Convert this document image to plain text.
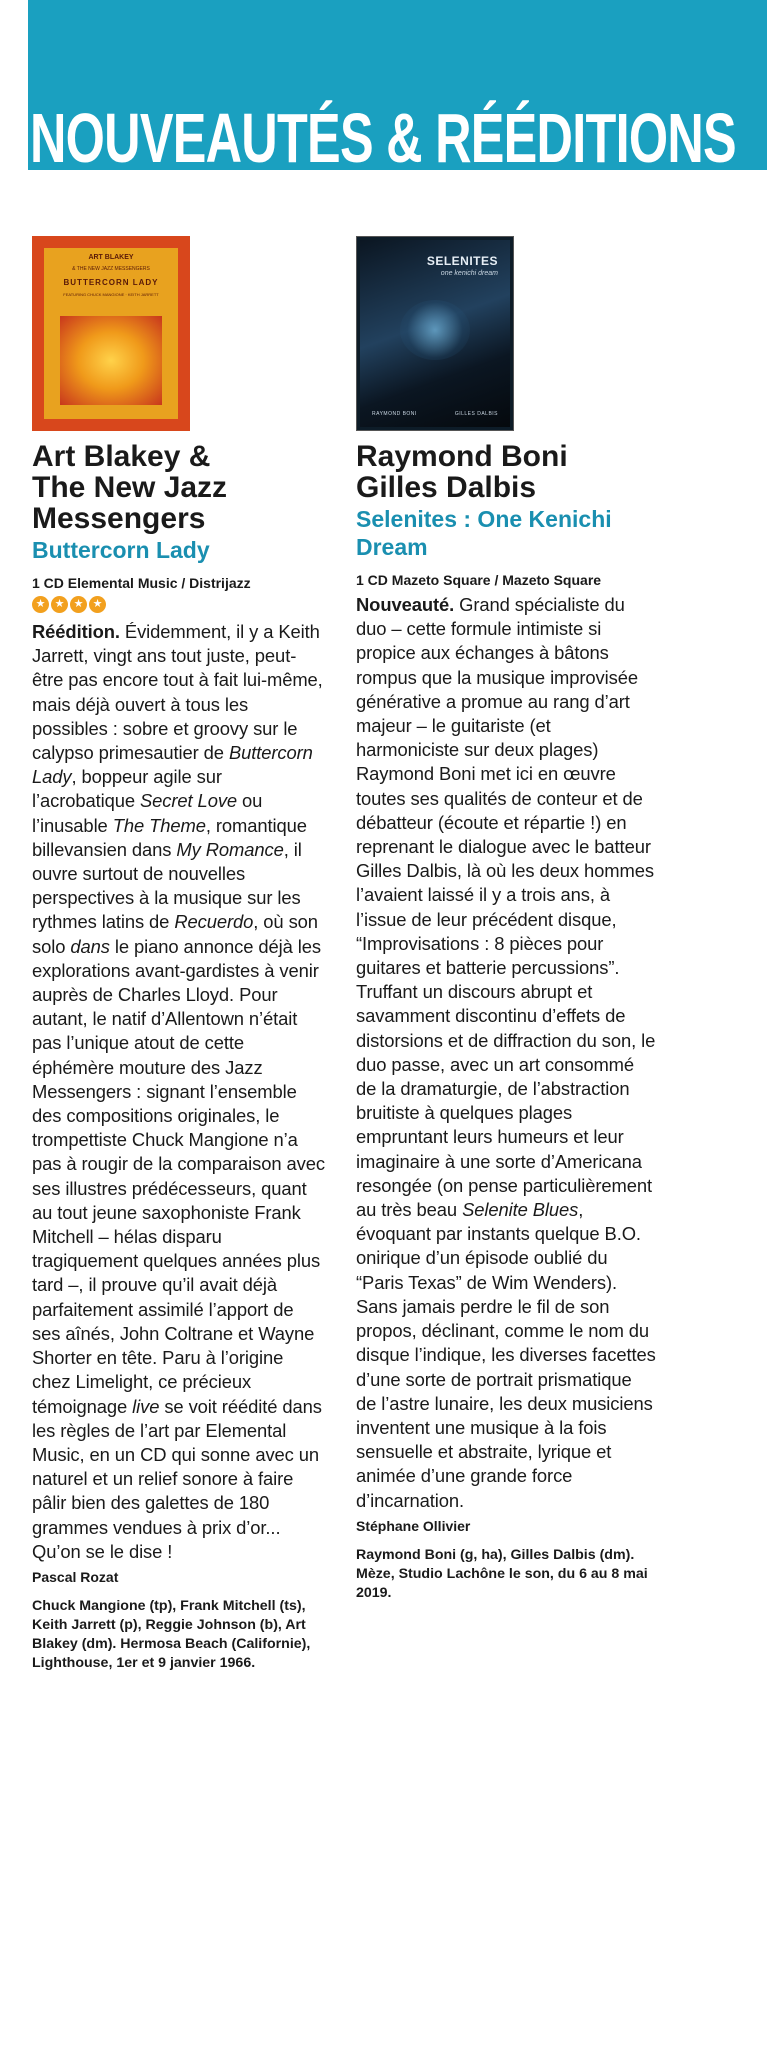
NOUVEAUTÉS & RÉÉDITIONS
ART BLAKEY
& THE NEW JAZZ MESSENGERS
BUTTERCORN LADY
FEATURING CHUCK MANGIONE · KEITH JARRETT
Art Blakey &
The New Jazz
Messengers
Buttercorn Lady
1 CD Elemental Music / Distrijazz
★ ★ ★ ★

Réédition. Évidemment, il y a Keith Jarrett, vingt ans tout juste, peut-être pas encore tout à fait lui-même, mais déjà ouvert à tous les possibles : sobre et groovy sur le calypso primesautier de Buttercorn Lady, boppeur agile sur l’acrobatique Secret Love ou l’inusable The Theme, romantique billevansien dans My Romance, il ouvre surtout de nouvelles perspectives à la musique sur les rythmes latins de Recuerdo, où son solo dans le piano annonce déjà les explorations avant-gardistes à venir auprès de Charles Lloyd. Pour autant, le natif d’Allentown n’était pas l’unique atout de cette éphémère mouture des Jazz Messengers : signant l’ensemble des compositions originales, le trompettiste Chuck Mangione n’a pas à rougir de la comparaison avec ses illustres prédécesseurs, quant au tout jeune saxophoniste Frank Mitchell – hélas disparu tragiquement quelques années plus tard –, il prouve qu’il avait déjà parfaitement assimilé l’apport de ses aînés, John Coltrane et Wayne Shorter en tête. Paru à l’origine chez Limelight, ce précieux témoignage live se voit réédité dans les règles de l’art par Elemental Music, en un CD qui sonne avec un naturel et un relief sonore à faire pâlir bien des galettes de 180 grammes vendues à prix d’or... Qu’on se le dise !

Pascal Rozat
Chuck Mangione (tp), Frank Mitchell (ts), Keith Jarrett (p), Reggie Johnson (b), Art Blakey (dm). Hermosa Beach (Californie), Lighthouse, 1er et 9 janvier 1966.
SELENITES
one kenichi dream
RAYMOND BONI	GILLES DALBIS
Raymond Boni
Gilles Dalbis
Selenites : One Kenichi Dream
1 CD Mazeto Square / Mazeto Square

Nouveauté. Grand spécialiste du duo – cette formule intimiste si propice aux échanges à bâtons rompus que la musique improvisée générative a promue au rang d’art majeur – le guitariste (et harmoniciste sur deux plages) Raymond Boni met ici en œuvre toutes ses qualités de conteur et de débatteur (écoute et répartie !) en reprenant le dialogue avec le batteur Gilles Dalbis, là où les deux hommes l’avaient laissé il y a trois ans, à l’issue de leur précédent disque, “Improvisations : 8 pièces pour guitares et batterie percussions”. Truffant un discours abrupt et savamment discontinu d’effets de distorsions et de diffraction du son, le duo passe, avec un art consommé de la dramaturgie, de l’abstraction bruitiste à quelques plages empruntant leurs humeurs et leur imaginaire à une sorte d’Americana resongée (on pense particulièrement au très beau Selenite Blues, évoquant par instants quelque B.O. onirique d’un épisode oublié du “Paris Texas” de Wim Wenders). Sans jamais perdre le fil de son propos, déclinant, comme le nom du disque l’indique, les diverses facettes d’une sorte de portrait prismatique de l’astre lunaire, les deux musiciens inventent une musique à la fois sensuelle et abstraite, lyrique et animée d’une grande force d’incarnation.

Stéphane Ollivier
Raymond Boni (g, ha), Gilles Dalbis (dm). Mèze, Studio Lachône le son, du 6 au 8 mai 2019.
